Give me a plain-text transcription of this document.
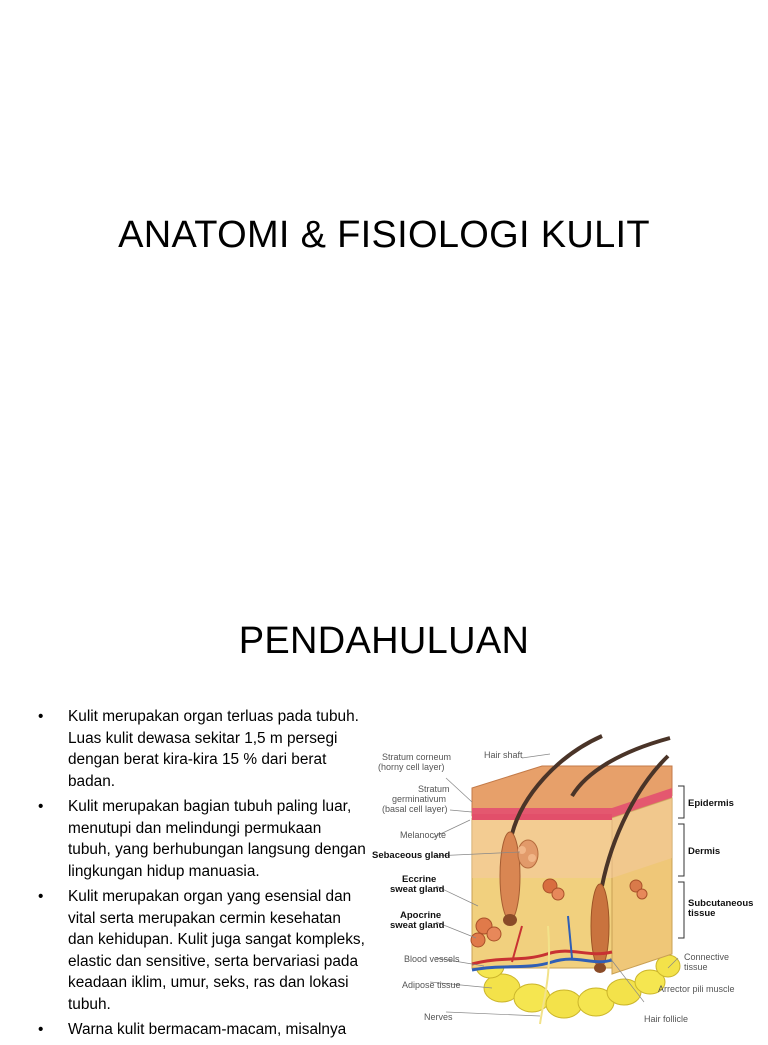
ANATOMI & FISIOLOGI KULIT
PENDAHULUAN
• Kulit merupakan organ terluas pada tubuh. Luas kulit dewasa sekitar 1,5 m persegi dengan berat kira-kira 15 % dari berat badan.
• Kulit merupakan bagian tubuh paling luar, menutupi dan melindungi permukaan tubuh, yang berhubungan langsung dengan lingkungan hidup manuasia.
• Kulit merupakan organ yang esensial dan vital serta merupakan cermin kesehatan dan kehidupan. Kulit juga sangat kompleks, elastic dan sensitive, serta bervariasi pada keadaan iklim, umur, seks, ras dan lokasi tubuh.
• Warna kulit bermacam-macam, misalnya
Stratum corneum
(horny cell layer)
Stratum
germinativum
(basal cell layer)
Melanocyte
Sebaceous gland
Eccrine
sweat gland
Apocrine
sweat gland
Blood vessels
Adipose tissue
Nerves
Hair shaft
Epidermis
Dermis
Subcutaneous
tissue
Connective
tissue
Arrector pili muscle
Hair follicle
